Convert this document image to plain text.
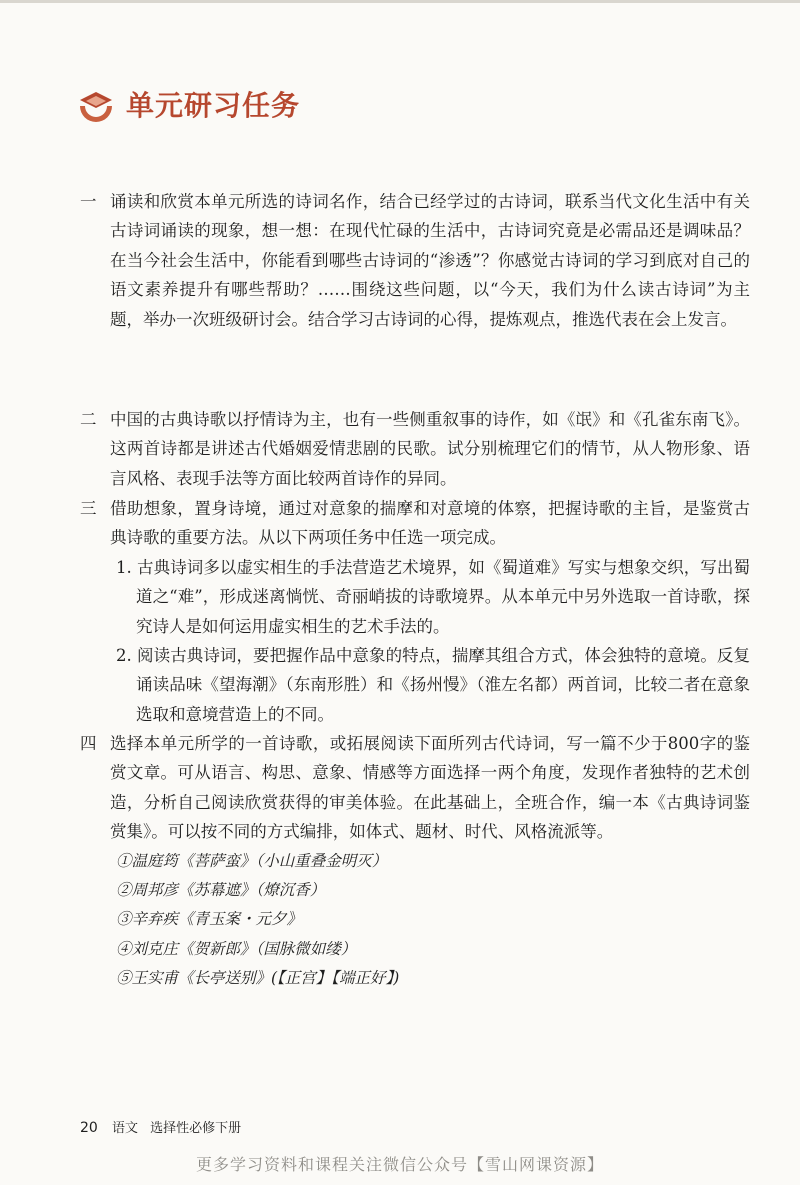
单元研习任务
一 诵读和欣赏本单元所选的诗词名作，结合已经学过的古诗词，联系当代文化生活中有关古诗词诵读的现象，想一想：在现代忙碌的生活中，古诗词究竟是必需品还是调味品？在当今社会生活中，你能看到哪些古诗词的“渗透”？你感觉古诗词的学习到底对自己的语文素养提升有哪些帮助？……围绕这些问题，以“今天，我们为什么读古诗词”为主题，举办一次班级研讨会。结合学习古诗词的心得，提炼观点，推选代表在会上发言。
二 中国的古典诗歌以抒情诗为主，也有一些侧重叙事的诗作，如《氓》和《孔雀东南飞》。这两首诗都是讲述古代婚姻爱情悲剧的民歌。试分别梳理它们的情节，从人物形象、语言风格、表现手法等方面比较两首诗作的异同。
三 借助想象，置身诗境，通过对意象的揣摩和对意境的体察，把握诗歌的主旨，是鉴赏古典诗歌的重要方法。从以下两项任务中任选一项完成。
1. 古典诗词多以虚实相生的手法营造艺术境界，如《蜀道难》写实与想象交织，写出蜀道之“难”，形成迷离惝恍、奇丽峭拔的诗歌境界。从本单元中另外选取一首诗歌，探究诗人是如何运用虚实相生的艺术手法的。
2. 阅读古典诗词，要把握作品中意象的特点，揣摩其组合方式，体会独特的意境。反复诵读品味《望海潮》（东南形胜）和《扬州慢》（淮左名都）两首词，比较二者在意象选取和意境营造上的不同。
四 选择本单元所学的一首诗歌，或拓展阅读下面所列古代诗词，写一篇不少于800字的鉴赏文章。可从语言、构思、意象、情感等方面选择一两个角度，发现作者独特的艺术创造，分析自己阅读欣赏获得的审美体验。在此基础上，全班合作，编一本《古典诗词鉴赏集》。可以按不同的方式编排，如体式、题材、时代、风格流派等。
①温庭筠《菩萨蛮》（小山重叠金明灭）
②周邦彦《苏幕遮》（燎沉香）
③辛弃疾《青玉案・元夕》
④刘克庄《贺新郎》（国脉微如缕）
⑤王实甫《长亭送别》(【正宫】【端正好】)
20 语文 选择性必修下册
更多学习资料和课程关注微信公众号【雪山网课资源】
